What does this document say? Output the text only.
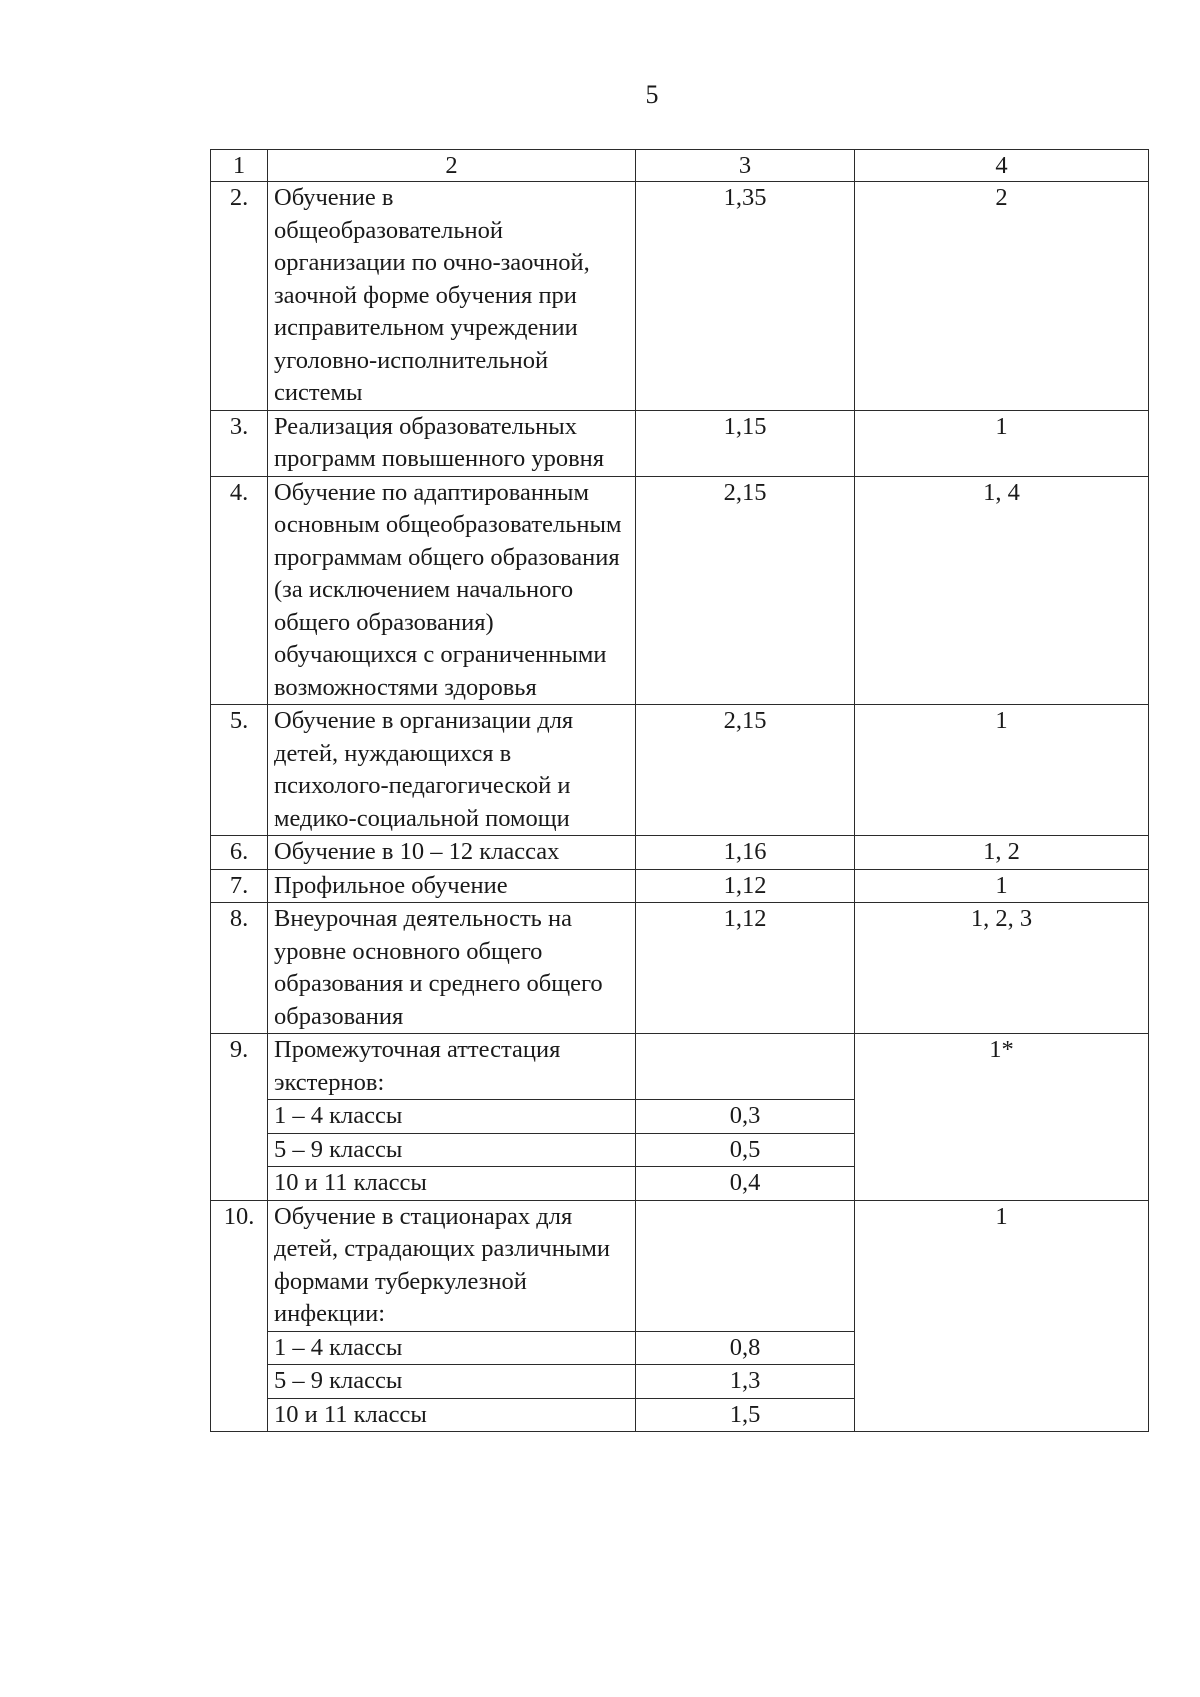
5
1	2	3	4
2.	Обучение в общеобразовательной организации по очно-заочной, заочной форме обучения при исправительном учреждении уголовно-исполнительной системы	1,35	2
3.	Реализация образовательных программ повышенного уровня	1,15	1
4.	Обучение по адаптированным основным общеобразовательным программам общего образования (за исключением начального общего образования) обучающихся с ограниченными возможностями здоровья	2,15	1, 4
5.	Обучение в организации для детей, нуждающихся в психолого-педагогической и медико-социальной помощи	2,15	1
6.	Обучение в 10 – 12 классах	1,16	1, 2
7.	Профильное обучение	1,12	1
8.	Внеурочная деятельность на уровне основного общего образования и среднего общего образования	1,12	1, 2, 3
9.	Промежуточная аттестация экстернов:		1*
	1 – 4 классы	0,3	
	5 – 9 классы	0,5	
	10 и 11 классы	0,4	
10.	Обучение в стационарах для детей, страдающих различными формами туберкулезной инфекции:		1
	1 – 4 классы	0,8	
	5 – 9 классы	1,3	
	10 и 11 классы	1,5	
